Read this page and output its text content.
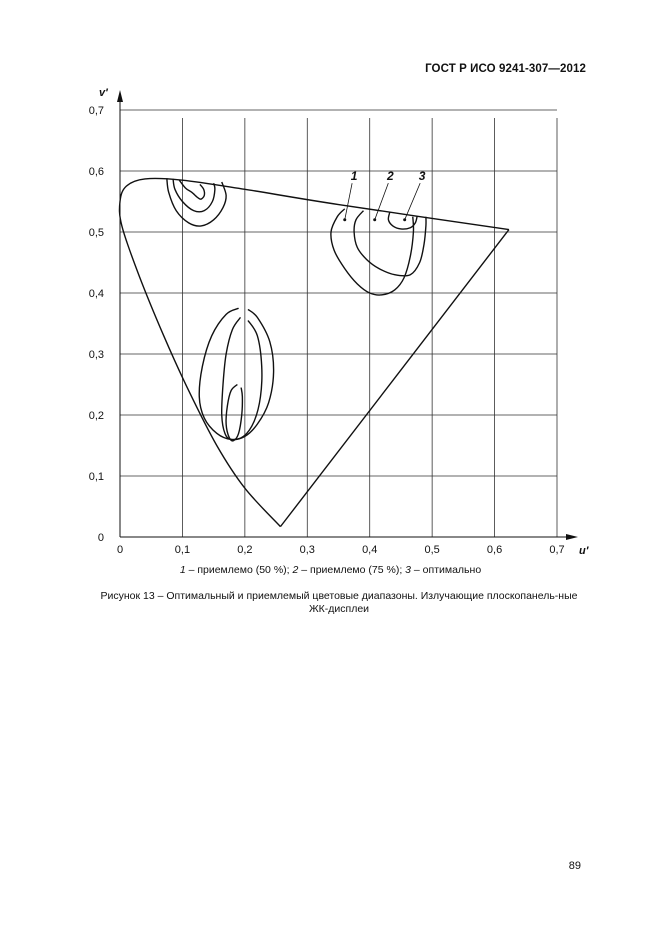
ГОСТ Р ИСО 9241-307—2012
0	0,1	0,2	0,3	0,4	0,5	0,6	0,7
0
0,1
0,2
0,3
0,4
0,5
0,6
0,7
v′
u′
1 2 3
1 – приемлемо (50 %); 2 – приемлемо (75 %); 3 – оптимально
Рисунок 13 – Оптимальный и приемлемый цветовые диапазоны. Излучающие плоскопанель-ные ЖК-дисплеи
89
